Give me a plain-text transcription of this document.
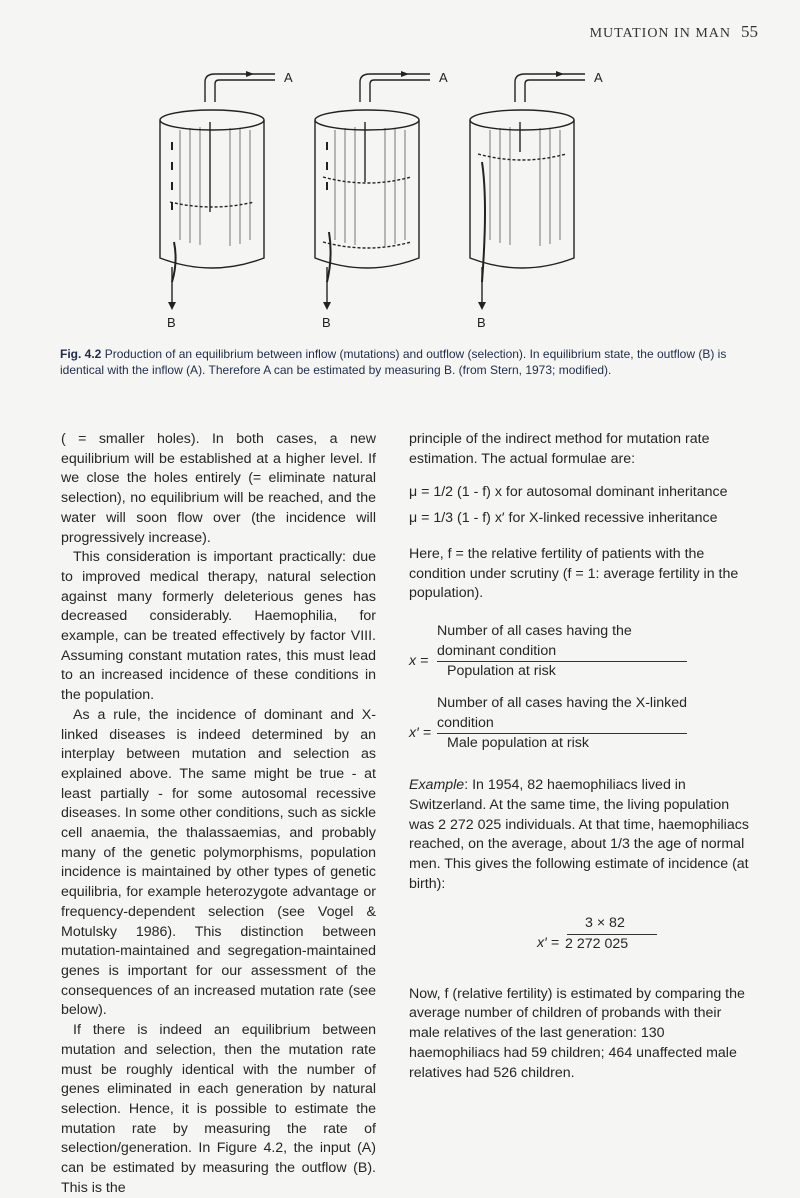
MUTATION IN MAN 55
A	A	A
B	B	B
Fig. 4.2 Production of an equilibrium between inflow (mutations) and outflow (selection). In equilibrium state, the outflow (B) is identical with the inflow (A). Therefore A can be estimated by measuring B. (from Stern, 1973; modified).

( = smaller holes). In both cases, a new equilibrium will be established at a higher level. If we close the holes entirely (= eliminate natural selection), no equilibrium will be reached, and the water will soon flow over (the incidence will progressively increase).

This consideration is important practically: due to improved medical therapy, natural selection against many formerly deleterious genes has decreased considerably. Haemophilia, for example, can be treated effectively by factor VIII. Assuming constant mutation rates, this must lead to an increased incidence of these conditions in the population.

As a rule, the incidence of dominant and X-linked diseases is indeed determined by an interplay between mutation and selection as explained above. The same might be true - at least partially - for some autosomal recessive diseases. In some other conditions, such as sickle cell anaemia, the thalassaemias, and probably many of the genetic polymorphisms, population incidence is maintained by other types of genetic equilibria, for example heterozygote advantage or frequency-dependent selection (see Vogel & Motulsky 1986). This distinction between mutation-maintained and segregation-maintained genes is important for our assessment of the consequences of an increased mutation rate (see below).

If there is indeed an equilibrium between mutation and selection, then the mutation rate must be roughly identical with the number of genes eliminated in each generation by natural selection. Hence, it is possible to estimate the mutation rate by measuring the rate of selection/generation. In Figure 4.2, the input (A) can be estimated by measuring the outflow (B). This is the

principle of the indirect method for mutation rate estimation. The actual formulae are:

μ = 1/2 (1 - f) x for autosomal dominant inheritance

μ = 1/3 (1 - f) x′ for X-linked recessive inheritance

Here, f = the relative fertility of patients with the condition under scrutiny (f = 1: average fertility in the population).

x =
Number of all cases having the dominant condition
Population at risk
x′ =
Number of all cases having the X-linked condition
Male population at risk

Example: In 1954, 82 haemophiliacs lived in Switzerland. At the same time, the living population was 2 272 025 individuals. At that time, haemophiliacs reached, on the average, about 1/3 the age of normal men. This gives the following estimate of incidence (at birth):

x′ =
3 × 82
2 272 025

Now, f (relative fertility) is estimated by comparing the average number of children of probands with their male relatives of the last generation: 130 haemophiliacs had 59 children; 464 unaffected male relatives had 526 children.
